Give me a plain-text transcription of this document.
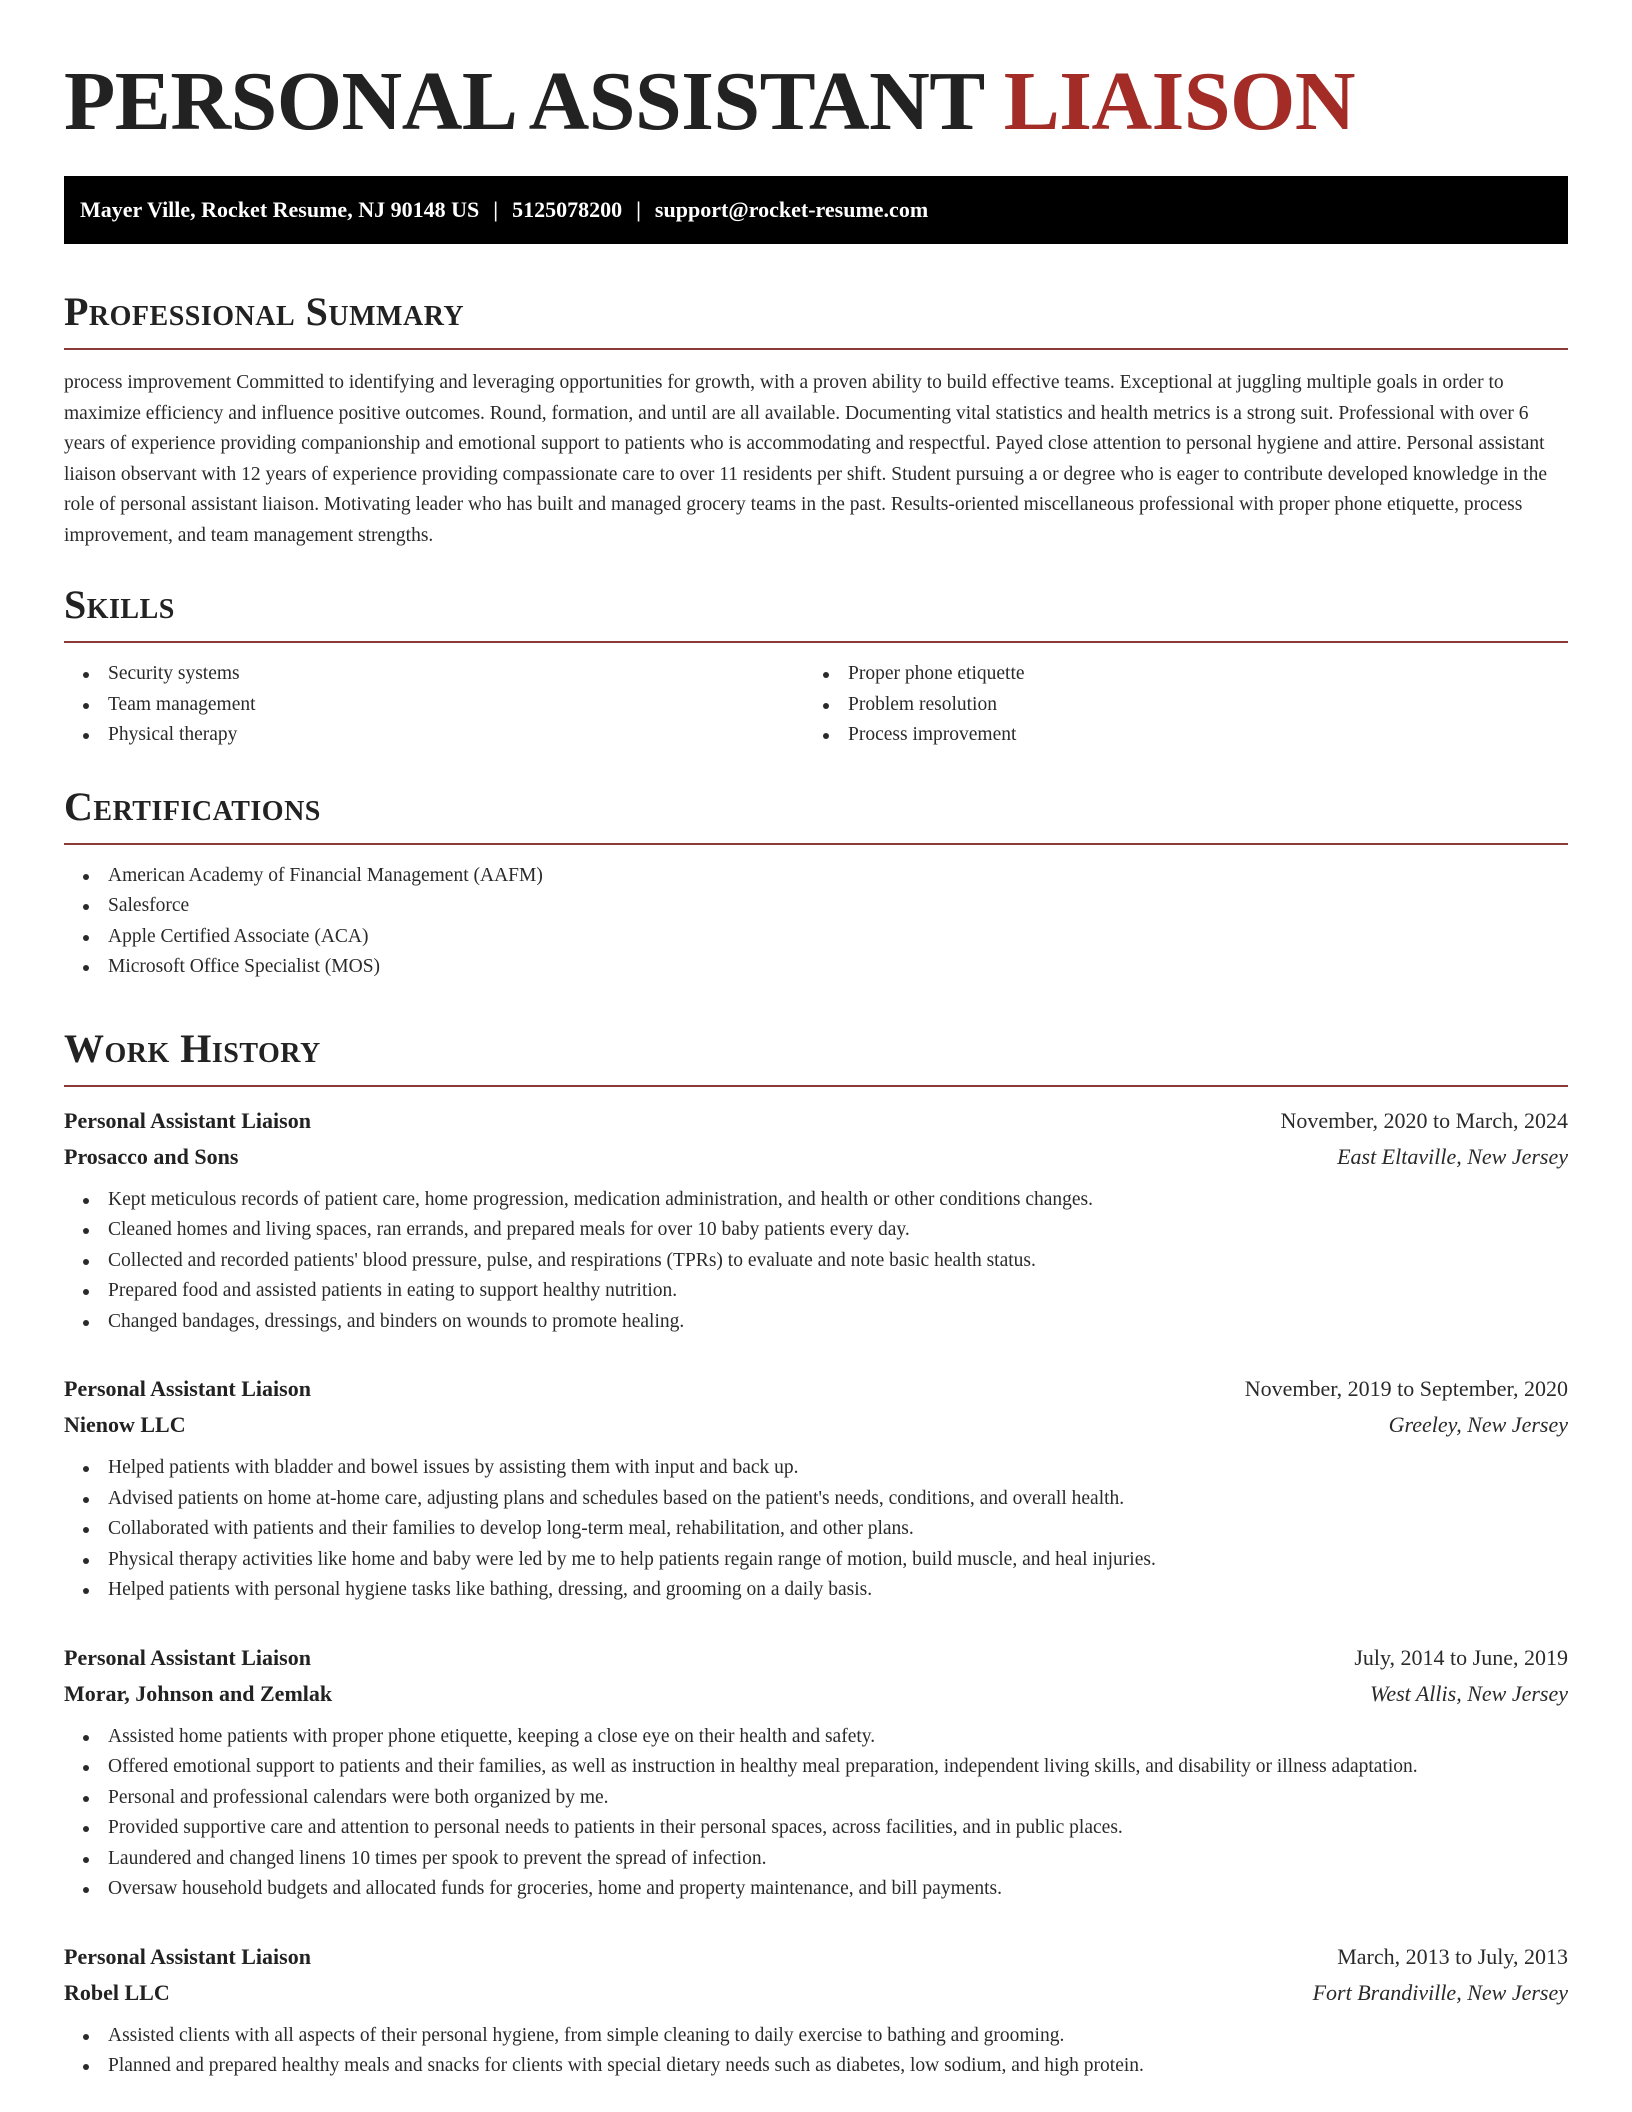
PERSONAL ASSISTANT LIAISON
Mayer Ville, Rocket Resume, NJ 90148 US | 5125078200 | support@rocket-resume.com
Professional Summary

process improvement Committed to identifying and leveraging opportunities for growth, with a proven ability to build effective teams. Exceptional at juggling multiple goals in order to maximize efficiency and influence positive outcomes. Round, formation, and until are all available. Documenting vital statistics and health metrics is a strong suit. Professional with over 6 years of experience providing companionship and emotional support to patients who is accommodating and respectful. Payed close attention to personal hygiene and attire. Personal assistant liaison observant with 12 years of experience providing compassionate care to over 11 residents per shift. Student pursuing a or degree who is eager to contribute developed knowledge in the role of personal assistant liaison. Motivating leader who has built and managed grocery teams in the past. Results-oriented miscellaneous professional with proper phone etiquette, process improvement, and team management strengths.

Skills
Security systems
Team management
Physical therapy
Proper phone etiquette
Problem resolution
Process improvement
Certifications
American Academy of Financial Management (AAFM)
Salesforce
Apple Certified Associate (ACA)
Microsoft Office Specialist (MOS)
Work History
Personal Assistant Liaison	November, 2020 to March, 2024
Prosacco and Sons	East Eltaville, New Jersey
Kept meticulous records of patient care, home progression, medication administration, and health or other conditions changes.
Cleaned homes and living spaces, ran errands, and prepared meals for over 10 baby patients every day.
Collected and recorded patients' blood pressure, pulse, and respirations (TPRs) to evaluate and note basic health status.
Prepared food and assisted patients in eating to support healthy nutrition.
Changed bandages, dressings, and binders on wounds to promote healing.
Personal Assistant Liaison	November, 2019 to September, 2020
Nienow LLC	Greeley, New Jersey
Helped patients with bladder and bowel issues by assisting them with input and back up.
Advised patients on home at-home care, adjusting plans and schedules based on the patient's needs, conditions, and overall health.
Collaborated with patients and their families to develop long-term meal, rehabilitation, and other plans.
Physical therapy activities like home and baby were led by me to help patients regain range of motion, build muscle, and heal injuries.
Helped patients with personal hygiene tasks like bathing, dressing, and grooming on a daily basis.
Personal Assistant Liaison	July, 2014 to June, 2019
Morar, Johnson and Zemlak	West Allis, New Jersey
Assisted home patients with proper phone etiquette, keeping a close eye on their health and safety.
Offered emotional support to patients and their families, as well as instruction in healthy meal preparation, independent living skills, and disability or illness adaptation.
Personal and professional calendars were both organized by me.
Provided supportive care and attention to personal needs to patients in their personal spaces, across facilities, and in public places.
Laundered and changed linens 10 times per spook to prevent the spread of infection.
Oversaw household budgets and allocated funds for groceries, home and property maintenance, and bill payments.
Personal Assistant Liaison	March, 2013 to July, 2013
Robel LLC	Fort Brandiville, New Jersey
Assisted clients with all aspects of their personal hygiene, from simple cleaning to daily exercise to bathing and grooming.
Planned and prepared healthy meals and snacks for clients with special dietary needs such as diabetes, low sodium, and high protein.
